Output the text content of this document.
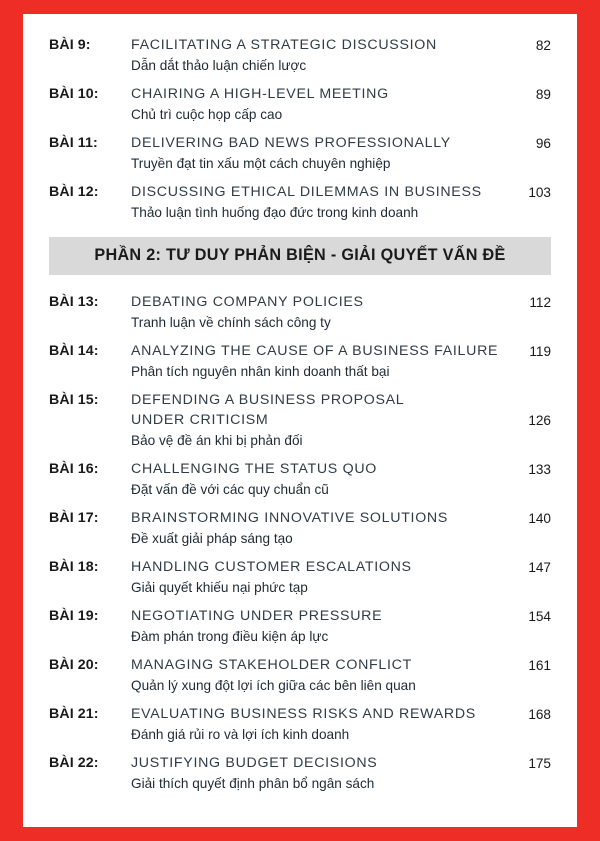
BÀI 9:	FACILITATING A STRATEGIC DISCUSSION
Dẫn dắt thảo luận chiến lược
82
BÀI 10:	CHAIRING A HIGH-LEVEL MEETING
Chủ trì cuộc họp cấp cao
89
BÀI 11:	DELIVERING BAD NEWS PROFESSIONALLY
Truyền đạt tin xấu một cách chuyên nghiệp
96
BÀI 12:	DISCUSSING ETHICAL DILEMMAS IN BUSINESS
Thảo luận tình huống đạo đức trong kinh doanh
103
PHẦN 2: TƯ DUY PHẢN BIỆN - GIẢI QUYẾT VẤN ĐỀ
BÀI 13:	DEBATING COMPANY POLICIES
Tranh luận về chính sách công ty
112
BÀI 14:	ANALYZING THE CAUSE OF A BUSINESS FAILURE
Phân tích nguyên nhân kinh doanh thất bại
119
BÀI 15:	DEFENDING A BUSINESS PROPOSAL
UNDER CRITICISM
Bảo vệ đề án khi bị phản đối
126
BÀI 16:	CHALLENGING THE STATUS QUO
Đặt vấn đề với các quy chuẩn cũ
133
BÀI 17:	BRAINSTORMING INNOVATIVE SOLUTIONS
Đề xuất giải pháp sáng tạo
140
BÀI 18:	HANDLING CUSTOMER ESCALATIONS
Giải quyết khiếu nại phức tạp
147
BÀI 19:	NEGOTIATING UNDER PRESSURE
Đàm phán trong điều kiện áp lực
154
BÀI 20:	MANAGING STAKEHOLDER CONFLICT
Quản lý xung đột lợi ích giữa các bên liên quan
161
BÀI 21:	EVALUATING BUSINESS RISKS AND REWARDS
Đánh giá rủi ro và lợi ích kinh doanh
168
BÀI 22:	JUSTIFYING BUDGET DECISIONS
Giải thích quyết định phân bổ ngân sách
175
